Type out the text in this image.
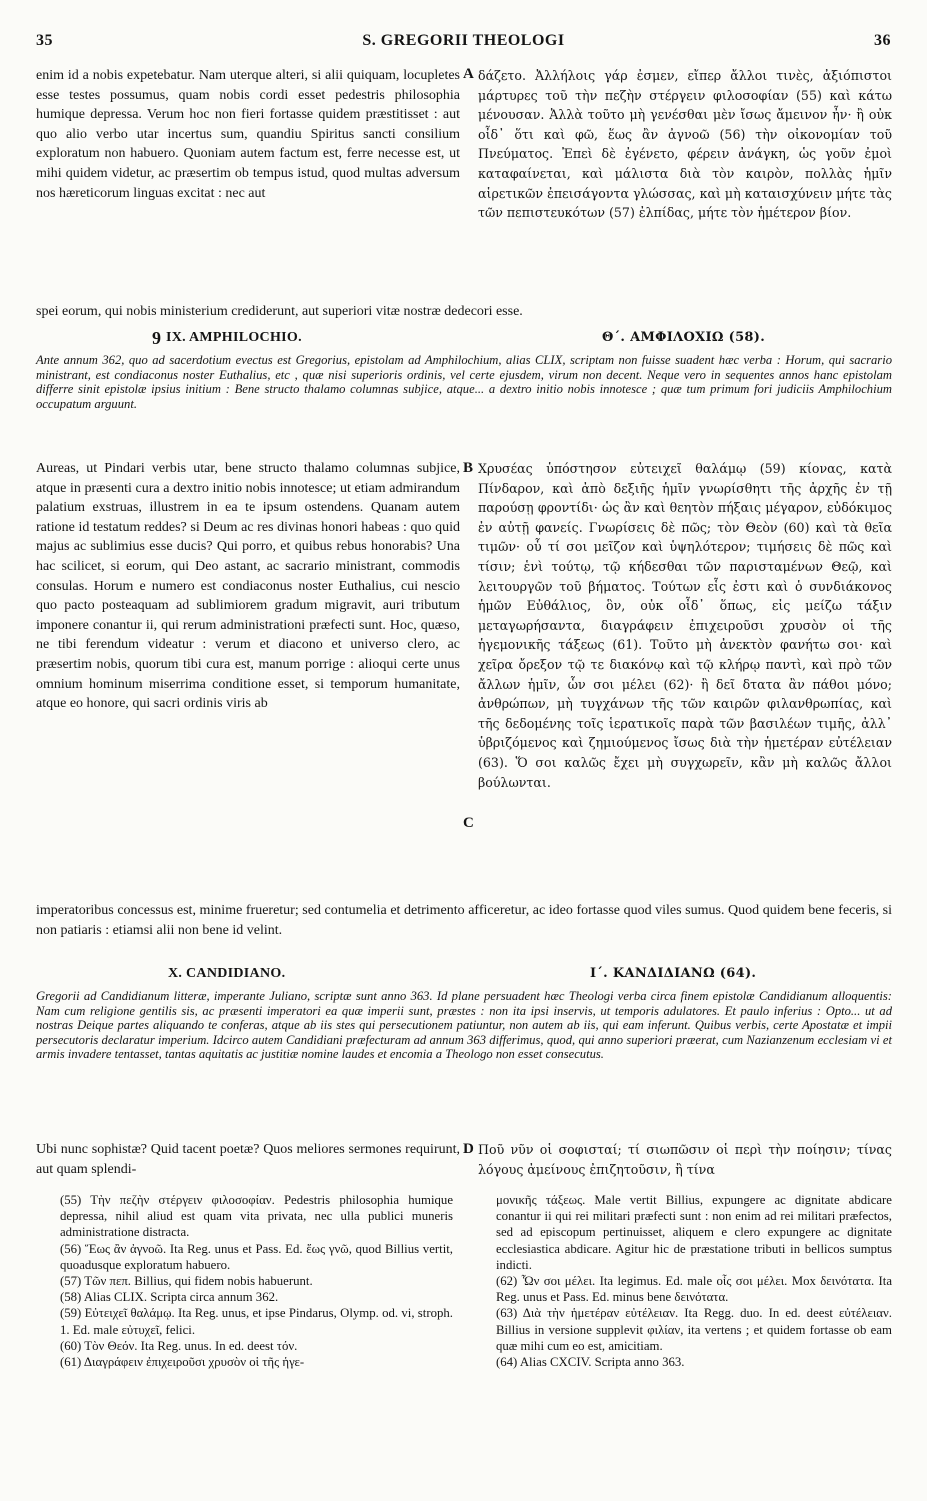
35	S. GREGORII THEOLOGI	36
enim id a nobis expetebatur. Nam uterque alteri, si alii quiquam, locupletes esse testes possumus, quam nobis cordi esset pedestris philosophia humique depressa. Verum hoc non fieri fortasse quidem præstitisset : aut quo alio verbo utar incertus sum, quandiu Spiritus sancti consilium exploratum non habuero. Quoniam autem factum est, ferre necesse est, ut mihi quidem videtur, ac præsertim ob tempus istud, quod multas adversum nos hæreticorum linguas excitat : nec aut
A δάζετο. Ἀλλήλοις γάρ ἐσμεν, εἴπερ ἄλλοι τινὲς, ἀξιόπιστοι μάρτυρες τοῦ τὴν πεζὴν στέργειν φιλοσοφίαν (55) καὶ κάτω μένουσαν. Ἀλλὰ τοῦτο μὴ γενέσθαι μὲν ἴσως ἄμεινον ἦν· ἢ οὐκ οἶδ᾽ ὅτι καὶ φῶ, ἕως ἂν ἀγνοῶ (56) τὴν οἰκονομίαν τοῦ Πνεύματος. Ἐπεὶ δὲ ἐγένετο, φέρειν ἀνάγκη, ὡς γοῦν ἐμοὶ καταφαίνεται, καὶ μάλιστα διὰ τὸν καιρὸν, πολλὰς ἡμῖν αἱρετικῶν ἐπεισάγοντα γλώσσας, καὶ μὴ καταισχύνειν μήτε τὰς τῶν πεπιστευκότων (57) ἐλπίδας, μήτε τὸν ἡμέτερον βίον.
spei eorum, qui nobis ministerium crediderunt, aut superiori vitæ nostræ dedecori esse.
9 IX. AMPHILOCHIO.	Θ΄. ΑΜΦΙΛΟΧΙΩ (58).
Ante annum 362, quo ad sacerdotium evectus est Gregorius, epistolam ad Amphilochium, alias CLIX, scriptam non fuisse suadent hæc verba : Horum, qui sacrario ministrant, est condiaconus noster Euthalius, etc , quæ nisi superioris ordinis, vel certe ejusdem, virum non decent. Neque vero in sequentes annos hanc epistolam differre sinit epistolæ ipsius initium : Bene structo thalamo columnas subjice, atque... a dextro initio nobis innotesce ; quæ tum primum fori judiciis Amphilochium occupatum arguunt.
Aureas, ut Pindari verbis utar, bene structo thalamo columnas subjice, atque in præsenti cura a dextro initio nobis innotesce; ut etiam admirandum palatium exstruas, illustrem in ea te ipsum ostendens. Quanam autem ratione id testatum reddes? si Deum ac res divinas honori habeas : quo quid majus ac sublimius esse ducis? Qui porro, et quibus rebus honorabis? Una hac scilicet, si eorum, qui Deo astant, ac sacrario ministrant, commodis consulas. Horum e numero est condiaconus noster Euthalius, cui nescio quo pacto posteaquam ad sublimiorem gradum migravit, auri tributum imponere conantur ii, qui rerum administrationi præfecti sunt. Hoc, quæso, ne tibi ferendum videatur : verum et diacono et universo clero, ac præsertim nobis, quorum tibi cura est, manum porrige : alioqui certe unus omnium hominum miserrima conditione esset, si temporum humanitate, atque eo honore, qui sacri ordinis viris ab
B
C
Χρυσέας ὑπόστησον εὐτειχεῖ θαλάμῳ (59) κίονας, κατὰ Πίνδαρον, καὶ ἀπὸ δεξιῆς ἡμῖν γνωρίσθητι τῆς ἀρχῆς ἐν τῇ παρούσῃ φροντίδι· ὡς ἂν καὶ θεητὸν πήξαις μέγαρον, εὐδόκιμος ἐν αὐτῇ φανείς. Γνωρίσεις δὲ πῶς; τὸν Θεὸν (60) καὶ τὰ θεῖα τιμῶν· οὗ τί σοι μεῖζον καὶ ὑψηλότερον; τιμήσεις δὲ πῶς καὶ τίσιν; ἑνὶ τούτῳ, τῷ κήδεσθαι τῶν παρισταμένων Θεῷ, καὶ λειτουργῶν τοῦ βήματος. Τούτων εἷς ἐστι καὶ ὁ συνδιάκονος ἡμῶν Εὐθάλιος, ὃν, οὐκ οἶδ᾽ ὅπως, εἰς μείζω τάξιν μεταγωρήσαντα, διαγράφειν ἐπιχειροῦσι χρυσὸν οἱ τῆς ἡγεμονικῆς τάξεως (61). Τοῦτο μὴ ἀνεκτὸν φανήτω σοι· καὶ χεῖρα ὄρεξον τῷ τε διακόνῳ καὶ τῷ κλήρῳ παντὶ, καὶ πρὸ τῶν ἄλλων ἡμῖν, ὧν σοι μέλει (62)· ἢ δεῖ δτατα ἂν πάθοι μόνο; ἀνθρώπων, μὴ τυγχάνων τῆς τῶν καιρῶν φιλανθρωπίας, καὶ τῆς δεδομένης τοῖς ἱερατικοῖς παρὰ τῶν βασιλέων τιμῆς, ἀλλ᾽ ὑβριζόμενος καὶ ζημιούμενος ἴσως διὰ τὴν ἡμετέραν εὐτέλειαν (63). Ὅ σοι καλῶς ἔχει μὴ συγχωρεῖν, κἂν μὴ καλῶς ἄλλοι βούλωνται.
imperatoribus concessus est, minime frueretur; sed contumelia et detrimento afficeretur, ac ideo fortasse quod viles sumus. Quod quidem bene feceris, si non patiaris : etiamsi alii non bene id velint.
X. CANDIDIANO.	Ι΄. ΚΑΝΔΙΔΙΑΝΩ (64).
Gregorii ad Candidianum litteræ, imperante Juliano, scriptæ sunt anno 363. Id plane persuadent hæc Theologi verba circa finem epistolæ Candidianum alloquentis: Nam cum religione gentilis sis, ac præsenti imperatori ea quæ imperii sunt, præstes : non ita ipsi inservis, ut temporis adulatores. Et paulo inferius : Opto... ut ad nostras Deique partes aliquando te conferas, atque ab iis stes qui persecutionem patiuntur, non autem ab iis, qui eam inferunt. Quibus verbis, certe Apostatæ et impii persecutoris declaratur imperium. Idcirco autem Candidiani præfecturam ad annum 363 differimus, quod, qui anno superiori præerat, cum Nazianzenum ecclesiam vi et armis invadere tentasset, tantas aquitatis ac justitiæ nomine laudes et encomia a Theologo non esset consecutus.
Ubi nunc sophistæ? Quid tacent poetæ? Quos meliores sermones requirunt, aut quam splendi-
D Ποῦ νῦν οἱ σοφισταί; τί σιωπῶσιν οἱ περὶ τὴν ποίησιν; τίνας λόγους ἀμείνους ἐπιζητοῦσιν, ἢ τίνα

(55) Τὴν πεζὴν στέργειν φιλοσοφίαν. Pedestris philosophia humique depressa, nihil aliud est quam vita privata, nec ulla publici muneris administratione distracta.

(56) Ἕως ἂν ἀγνοῶ. Ita Reg. unus et Pass. Ed. ἕως γνῶ, quod Billius vertit, quoadusque exploratum habuero.

(57) Τῶν πεπ. Billius, qui fidem nobis habuerunt.

(58) Alias CLIX. Scripta circa annum 362.

(59) Εὐτειχεῖ θαλάμῳ. Ita Reg. unus, et ipse Pindarus, Olymp. od. vi, stroph. 1. Ed. male εὐτυχεῖ, felici.

(60) Τὸν Θεόν. Ita Reg. unus. In ed. deest τόν.

(61) Διαγράφειν ἐπιχειροῦσι χρυσὸν οἱ τῆς ἡγε-

μονικῆς τάξεως. Male vertit Billius, expungere ac dignitate abdicare conantur ii qui rei militari præfecti sunt : non enim ad rei militari præfectos, sed ad episcopum pertinuisset, aliquem e clero expungere ac dignitate ecclesiastica abdicare. Agitur hic de præstatione tributi in bellicos sumptus indicti.

(62) Ὧν σοι μέλει. Ita legimus. Ed. male οἷς σοι μέλει. Mox δεινότατα. Ita Reg. unus et Pass. Ed. minus bene δεινότατα.

(63) Διὰ τὴν ἡμετέραν εὐτέλειαν. Ita Regg. duo. In ed. deest εὐτέλειαν. Billius in versione supplevit φιλίαν, ita vertens ; et quidem fortasse ob eam quæ mihi cum eo est, amicitiam.

(64) Alias CXCIV. Scripta anno 363.
